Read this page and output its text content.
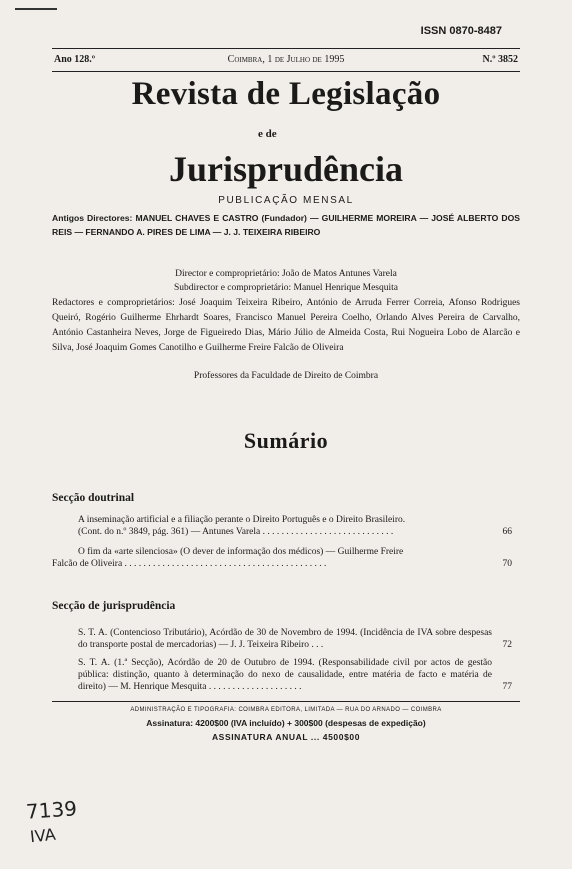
ISSN 0870-8487
Ano 128.º	Coimbra, 1 de Julho de 1995	N.º 3852
Revista de Legislação
e de
Jurisprudência
PUBLICAÇÃO MENSAL
Antigos Directores: MANUEL CHAVES E CASTRO (Fundador) — GUILHERME MOREIRA — JOSÉ ALBERTO DOS REIS — FERNANDO A. PIRES DE LIMA — J. J. TEIXEIRA RIBEIRO
Director e comproprietário: João de Matos Antunes Varela
Subdirector e comproprietário: Manuel Henrique Mesquita
Redactores e comproprietários: José Joaquim Teixeira Ribeiro, António de Arruda Ferrer Correia, Afonso Rodrigues Queiró, Rogério Guilherme Ehrhardt Soares, Francisco Manuel Pereira Coelho, Orlando Alves Pereira de Carvalho, António Castanheira Neves, Jorge de Figueiredo Dias, Mário Júlio de Almeida Costa, Rui Nogueira Lobo de Alarcão e Silva, José Joaquim Gomes Canotilho e Guilherme Freire Falcão de Oliveira
Professores da Faculdade de Direito de Coimbra
Sumário
Secção doutrinal
A inseminação artificial e a filiação perante o Direito Português e o Direito Brasileiro.
(Cont. do n.º 3849, pág. 361) — Antunes Varela . . . . . . . . . . . . . . . . . . . . . . . . . . . .	66
O fim da «arte silenciosa» (O dever de informação dos médicos) — Guilherme Freire
Falcão de Oliveira . . . . . . . . . . . . . . . . . . . . . . . . . . . . . . . . . . . . . . . . . . .	70
Secção de jurisprudência
S. T. A. (Contencioso Tributário), Acórdão de 30 de Novembro de 1994. (Incidência de IVA sobre despesas do transporte postal de mercadorias) — J. J. Teixeira Ribeiro . . .	72
S. T. A. (1.ª Secção), Acórdão de 20 de Outubro de 1994. (Responsabilidade civil por actos de gestão pública: distinção, quanto à determinação do nexo de causalidade, entre matéria de facto e matéria de direito) — M. Henrique Mesquita . . . . . . . . . . . . . . . . . . . .	77
ADMINISTRAÇÃO E TIPOGRAFIA: COIMBRA EDITORA, LIMITADA — RUA DO ARNADO — COIMBRA
Assinatura: 4200$00 (IVA incluído) + 300$00 (despesas de expedição)
ASSINATURA ANUAL ... 4500$00
7139
IVA
